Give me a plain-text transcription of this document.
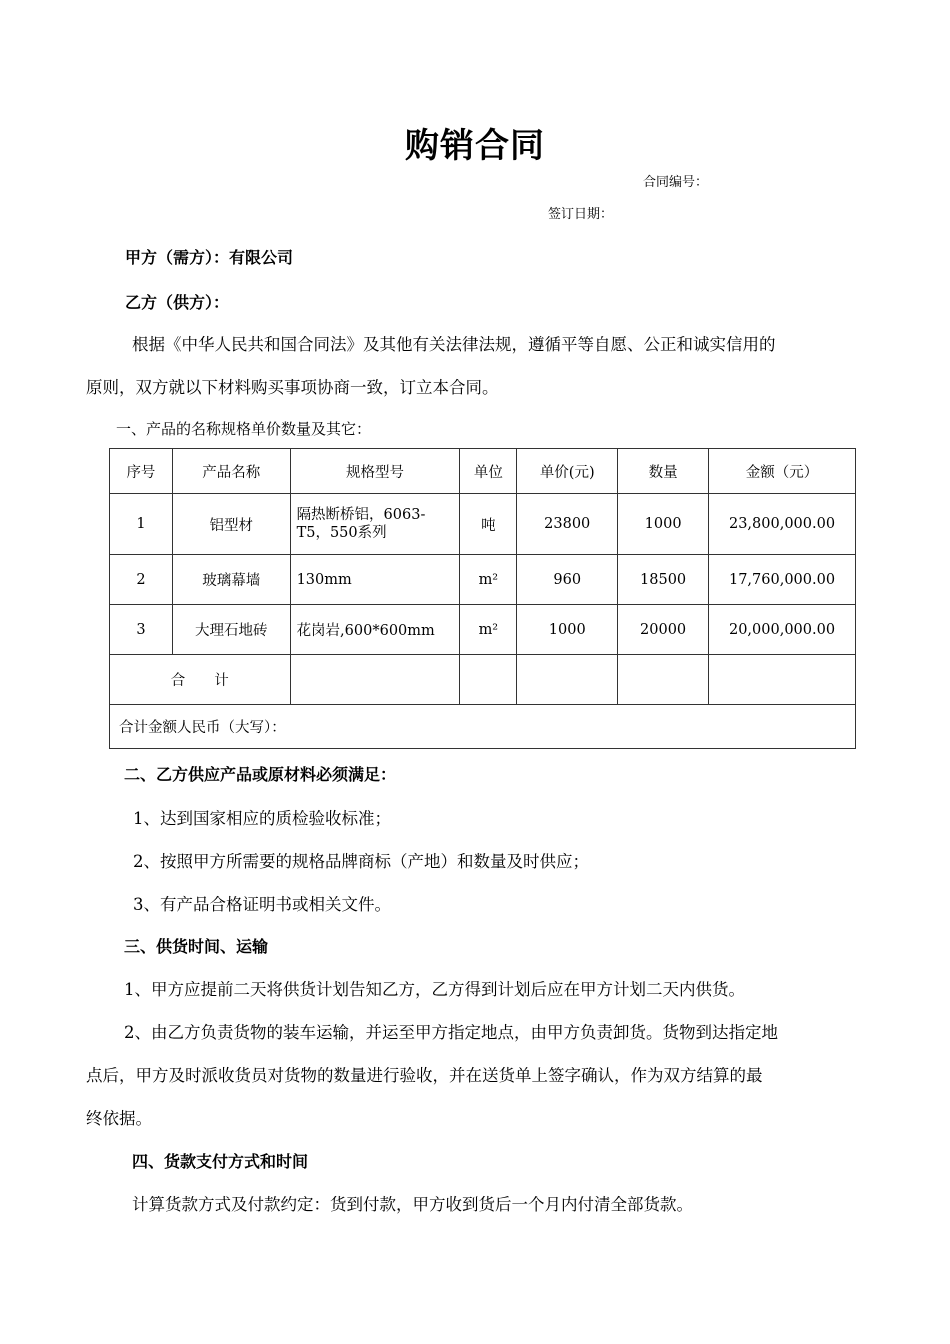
购销合同
合同编号：
签订日期：
甲方（需方）：有限公司
乙方（供方）：
根据《中华人民共和国合同法》及其他有关法律法规，遵循平等自愿、公正和诚实信用的
原则，双方就以下材料购买事项协商一致，订立本合同。
一、产品的名称规格单价数量及其它：
序号	产品名称	规格型号	单位	单价(元)	数量	金额（元）
1	铝型材	隔热断桥铝，6063-
T5，550系列	吨	23800	1000	23,800,000.00
2	玻璃幕墙	130mm	m²	960	18500	17,760,000.00
3	大理石地砖	花岗岩,600*600mm	m²	1000	20000	20,000,000.00
合　　计						
合计金额人民币（大写）：						
二、乙方供应产品或原材料必须满足：
1、达到国家相应的质检验收标准；
2、按照甲方所需要的规格品牌商标（产地）和数量及时供应；
3、有产品合格证明书或相关文件。
三、供货时间、运输
1、甲方应提前二天将供货计划告知乙方，乙方得到计划后应在甲方计划二天内供货。
2、由乙方负责货物的装车运输，并运至甲方指定地点，由甲方负责卸货。货物到达指定地
点后，甲方及时派收货员对货物的数量进行验收，并在送货单上签字确认，作为双方结算的最
终依据。
四、货款支付方式和时间
计算货款方式及付款约定：货到付款，甲方收到货后一个月内付清全部货款。
